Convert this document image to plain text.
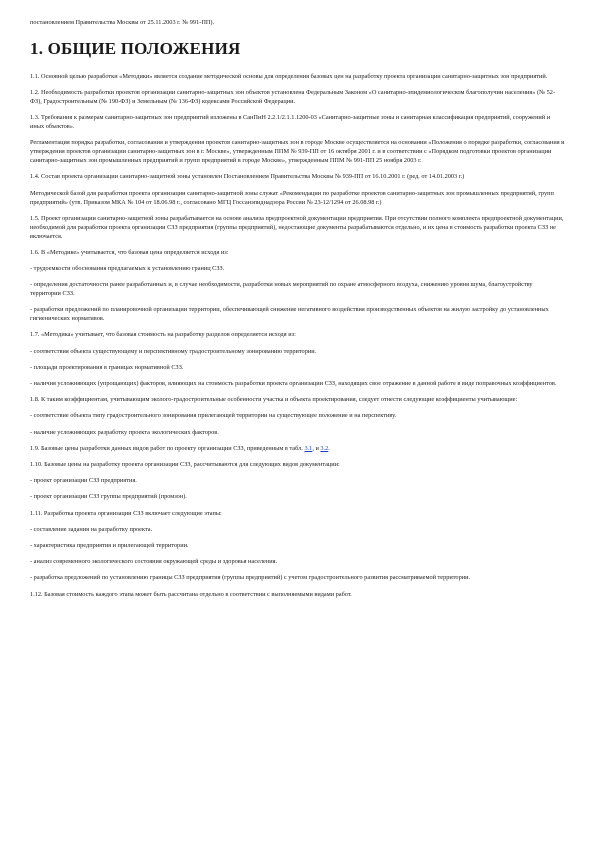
постановлением Правительства Москвы от 25.11.2003 г. № 991-ПП).

1. ОБЩИЕ ПОЛОЖЕНИЯ

1.1. Основной целью разработки «Методики» является создание методической основы для определения базовых цен на разработку проекта организации санитарно-защитных зон предприятий.

1.2. Необходимость разработки проектов организации санитарно-защитных зон объектов установлена Федеральным Законом «О санитарно-эпидемиологическом благополучии населения» (№ 52-ФЗ), Градостроительным (№ 190-ФЗ) и Земельным (№ 136-ФЗ) кодексами Российской Федерации.

1.3. Требования к размерам санитарно-защитных зон предприятий изложены в СанПиН 2.2.1/2.1.1.1200-03 «Санитарно-защитные зоны и санитарная классификация предприятий, сооружений и иных объектов».

Регламентация порядка разработки, согласования и утверждения проектов санитарно-защитных зон в городе Москве осуществляется на основании «Положения о порядке разработки, согласования и утверждения проектов организации санитарно-защитных зон в г. Москве», утвержденным ППМ № 939-ПП от 16 октября 2001 г. и в соответствии с «Порядком подготовки проектов организации санитарно-защитных зон промышленных предприятий и групп предприятий в городе Москве», утвержденным ППМ № 991-ПП 25 ноября 2003 г.

1.4. Состав проекта организации санитарно-защитной зоны установлен Постановлением Правительства Москвы № 939-ПП от 16.10.2001 г. (ред. от 14.01.2003 г.)

Методической базой для разработки проекта организации санитарно-защитной зоны служат «Рекомендации по разработке проектов санитарно-защитных зон промышленных предприятий, групп предприятий» (утв. Приказом МКА № 104 от 18.06.98 г., согласовано МГЦ Госсанэпиднадзора России № 23-12/1294 от 26.08.98 г.)

1.5. Проект организации санитарно-защитной зоны разрабатывается на основе анализа предпроектной документации предприятия. При отсутствии полного комплекта предпроектной документации, необходимой для разработки проекта организации СЗЗ предприятия (группы предприятий), недостающие документы разрабатываются отдельно, и их цена в стоимость разработки проекта СЗЗ не включается.

1.6. В «Методике» учитывается, что базовая цена определяется исходя из:

- трудоемкости обоснования предлагаемых к установлению границ СЗЗ.

- определения достаточности ранее разработанных и, в случае необходимости, разработки новых мероприятий по охране атмосферного воздуха, снижению уровня шума, благоустройству территории СЗЗ.

- разработки предложений по планировочной организации территории, обеспечивающей снижение негативного воздействия производственных объектов на жилую застройку до установленных гигиенических нормативов.

1.7. «Методика» учитывает, что базовая стоимость на разработку разделов определяется исходя из:

- соответствия объекта существующему и перспективному градостроительному зонированию территории.

- площади проектирования в границах нормативной СЗЗ.

- наличия усложняющих (упрощающих) факторов, влияющих на стоимость разработки проекта организации СЗЗ, находящих свое отражение в данной работе в виде поправочных коэффициентов.

1.8. К таким коэффициентам, учитывающим эколого-градостроительные особенности участка и объекта проектирования, следует отнести следующие коэффициенты учитывающие:

- соответствие объекта типу градостроительного зонирования прилегающей территории на существующее положение и на перспективу.

- наличие усложняющих разработку проекта экологических факторов.

1.9. Базовые цены разработки данных видов работ по проекту организации СЗЗ, приведенным в табл. 3.1, и 3.2.

1.10. Базовые цены на разработку проекта организации СЗЗ, рассчитываются для следующих видов документации:

- проект организации СЗЗ предприятия.

- проект организации СЗЗ группы предприятий (промзон).

1.11. Разработка проекта организации СЗЗ включает следующие этапы:

- составление задания на разработку проекта.

- характеристика предприятия и прилегающей территории.

- анализ современного экологического состояния окружающей среды и здоровья населения.

- разработка предложений по установлению границы СЗЗ предприятия (группы предприятий) с учетом градостроительного развития рассматриваемой территории.

1.12. Базовая стоимость каждого этапа может быть рассчитана отдельно в соответствии с выполняемыми видами работ.
